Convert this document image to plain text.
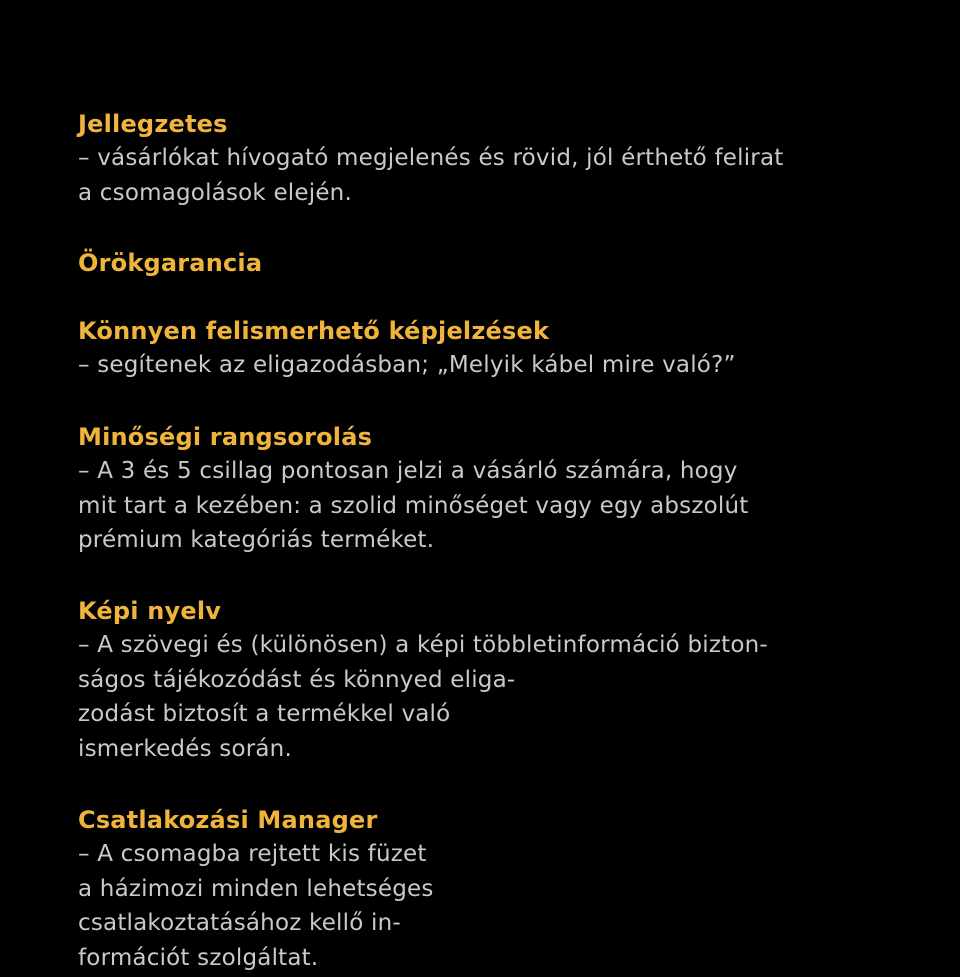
Jellegzetes
– vásárlókat hívogató megjelenés és rövid, jól érthető felirat
a csomagolások elején.
Örökgarancia
Könnyen felismerhető képjelzések
– segítenek az eligazodásban; „Melyik kábel mire való?”
Minőségi rangsorolás
– A 3 és 5 csillag pontosan jelzi a vásárló számára, hogy
mit tart a kezében: a szolid minőséget vagy egy abszolút
prémium kategóriás terméket.
Képi nyelv
– A szövegi és (különösen) a képi többletinformáció bizton-
ságos tájékozódást és könnyed eliga-
zodást biztosít a termékkel való
ismerkedés során.
Csatlakozási Manager
– A csomagba rejtett kis füzet
a házimozi minden lehetséges
csatlakoztatásához kellő in-
formációt szolgáltat.
